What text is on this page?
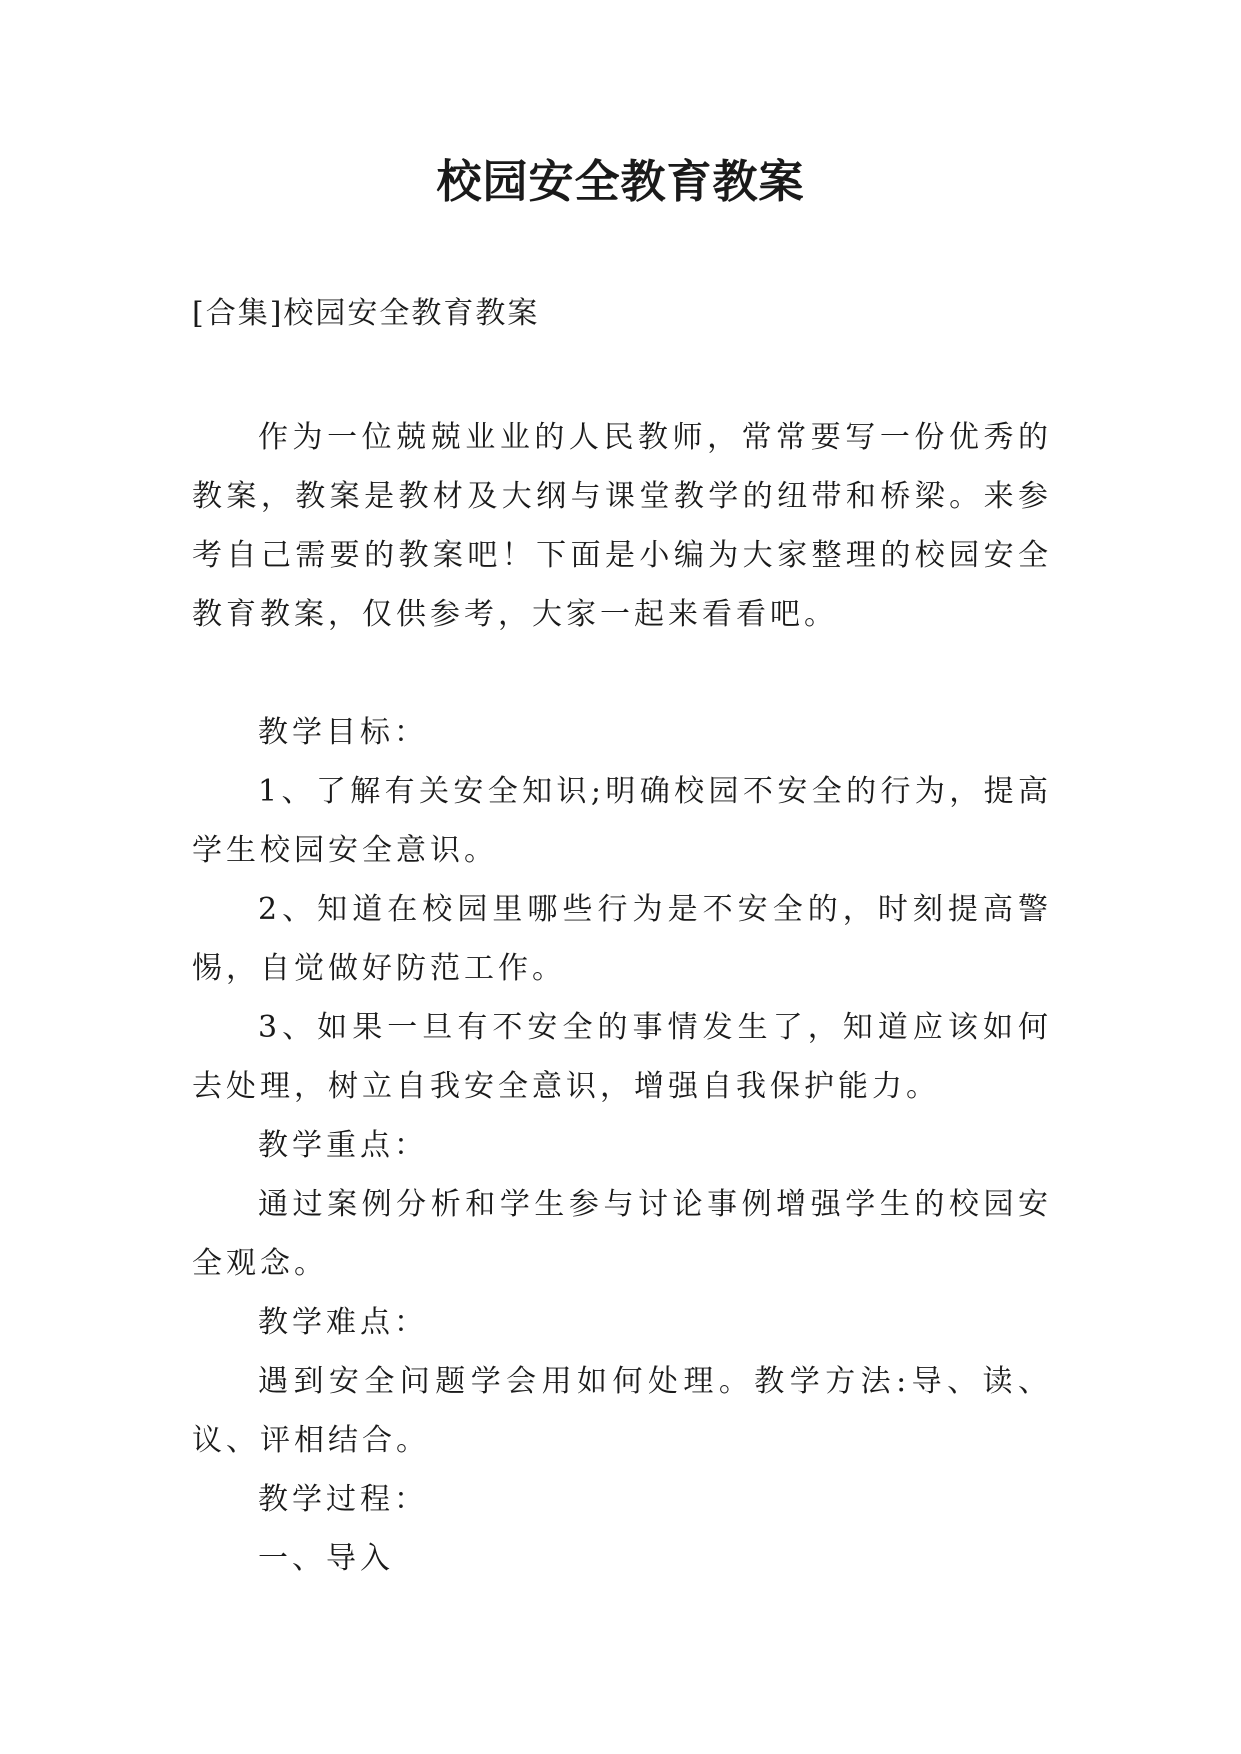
校园安全教育教案

[合集]校园安全教育教案

作为一位兢兢业业的人民教师，常常要写一份优秀的教案，教案是教材及大纲与课堂教学的纽带和桥梁。来参考自己需要的教案吧！下面是小编为大家整理的校园安全教育教案，仅供参考，大家一起来看看吧。

教学目标：

1、了解有关安全知识;明确校园不安全的行为，提高学生校园安全意识。

2、知道在校园里哪些行为是不安全的，时刻提高警惕，自觉做好防范工作。

3、如果一旦有不安全的事情发生了，知道应该如何去处理，树立自我安全意识，增强自我保护能力。

教学重点：

通过案例分析和学生参与讨论事例增强学生的校园安全观念。

教学难点：

遇到安全问题学会用如何处理。教学方法:导、读、议、评相结合。

教学过程：

一、导入
